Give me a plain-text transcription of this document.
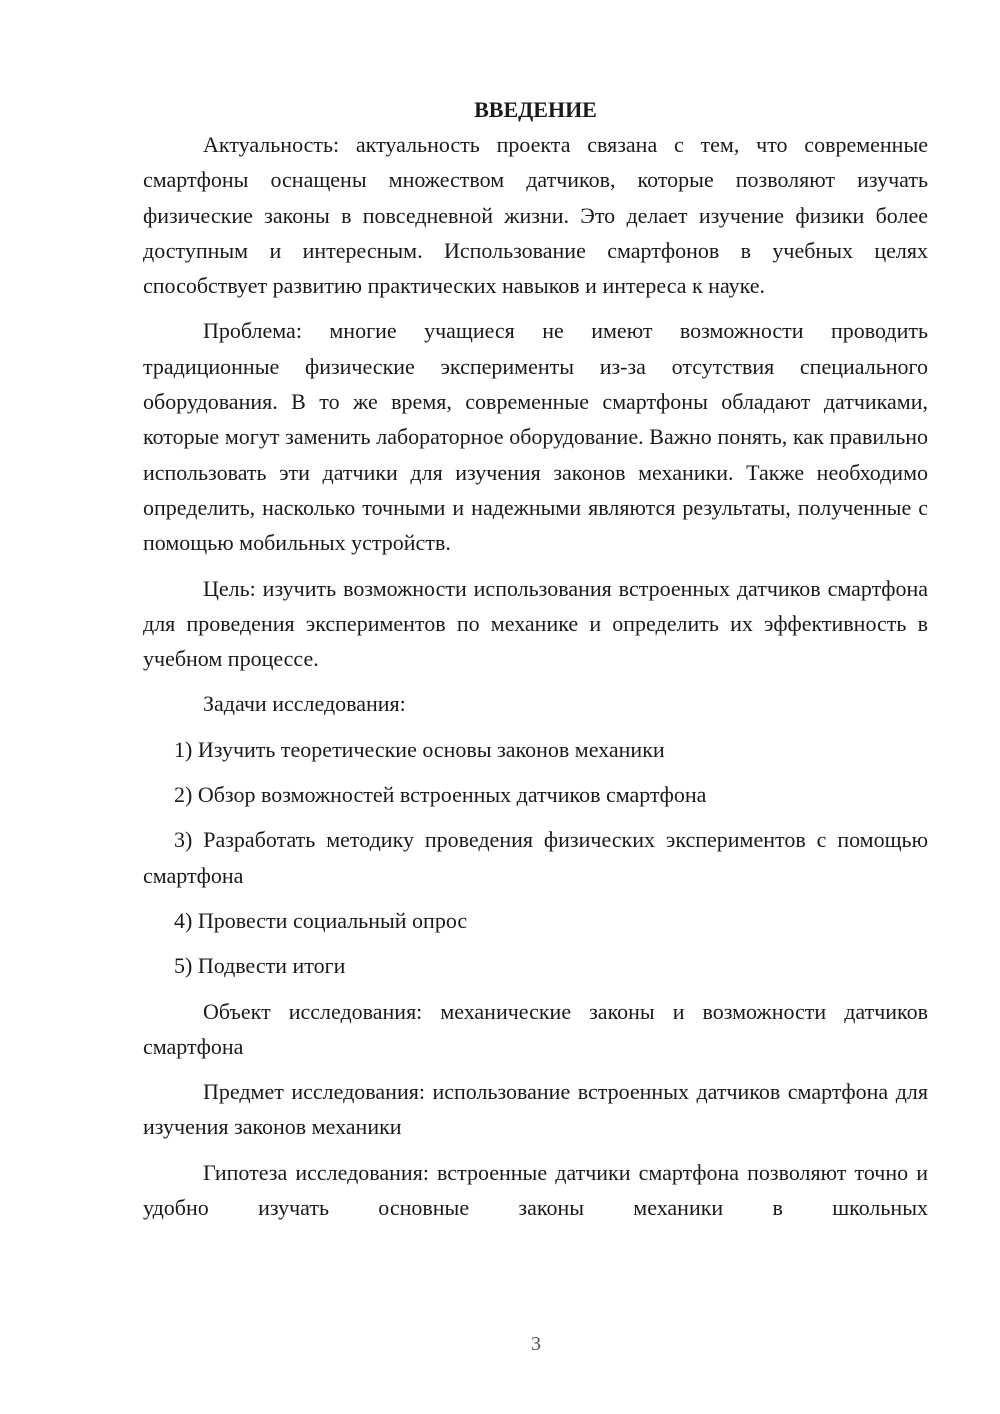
ВВЕДЕНИЕ

Актуальность: актуальность проекта связана с тем, что современные смартфоны оснащены множеством датчиков, которые позволяют изучать физические законы в повседневной жизни. Это делает изучение физики более доступным и интересным. Использование смартфонов в учебных целях способствует развитию практических навыков и интереса к науке.

Проблема: многие учащиеся не имеют возможности проводить традиционные физические эксперименты из-за отсутствия специального оборудования. В то же время, современные смартфоны обладают датчиками, которые могут заменить лабораторное оборудование. Важно понять, как правильно использовать эти датчики для изучения законов механики. Также необходимо определить, насколько точными и надежными являются результаты, полученные с помощью мобильных устройств.

Цель: изучить возможности использования встроенных датчиков смартфона для проведения экспериментов по механике и определить их эффективность в учебном процессе.

Задачи исследования:

1) Изучить теоретические основы законов механики

2) Обзор возможностей встроенных датчиков смартфона

3) Разработать методику проведения физических экспериментов с помощью смартфона

4) Провести социальный опрос

5) Подвести итоги

Объект исследования: механические законы и возможности датчиков смартфона

Предмет исследования: использование встроенных датчиков смартфона для изучения законов механики

Гипотеза исследования: встроенные датчики смартфона позволяют точно и удобно изучать основные законы механики в школьных

3
